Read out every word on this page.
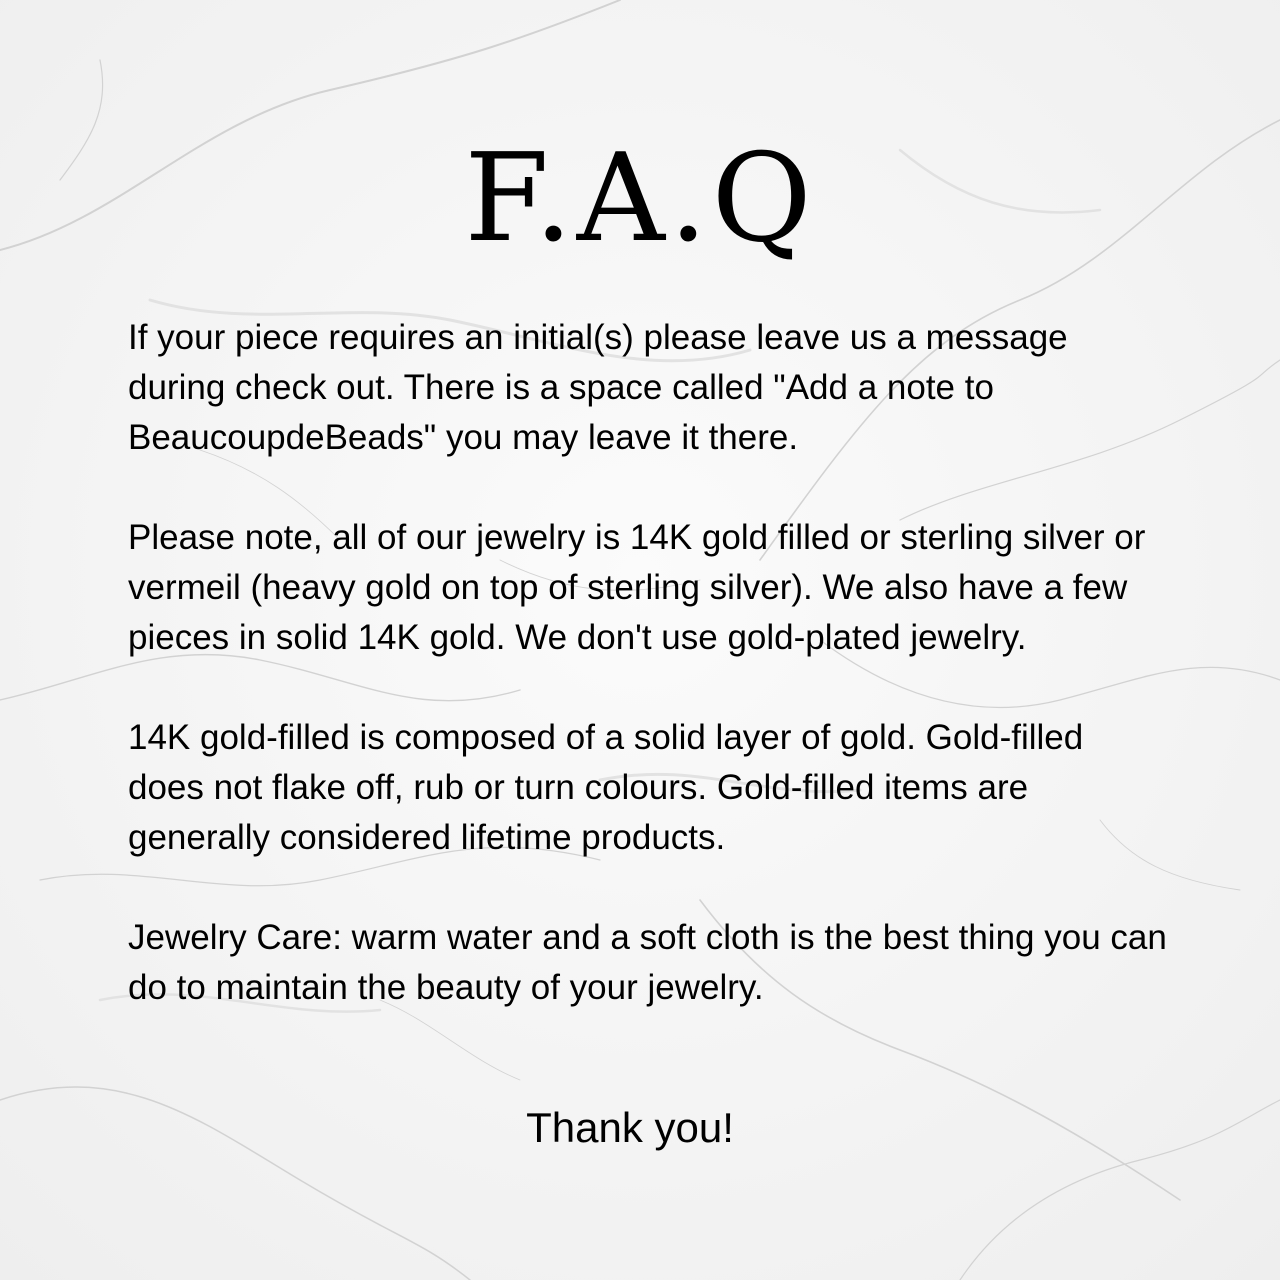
F.A.Q

If your piece requires an initial(s) please leave us a message during check out. There is a space called "Add a note to BeaucoupdeBeads" you may leave it there.

Please note, all of our jewelry is 14K gold filled or sterling silver or vermeil (heavy gold on top of sterling silver). We also have a few pieces in solid 14K gold. We don't use gold-plated jewelry.

14K gold-filled is composed of a solid layer of gold. Gold-filled does not flake off, rub or turn colours. Gold-filled items are generally considered lifetime products.

Jewelry Care: warm water and a soft cloth is the best thing you can do to maintain the beauty of your jewelry.

Thank you!
